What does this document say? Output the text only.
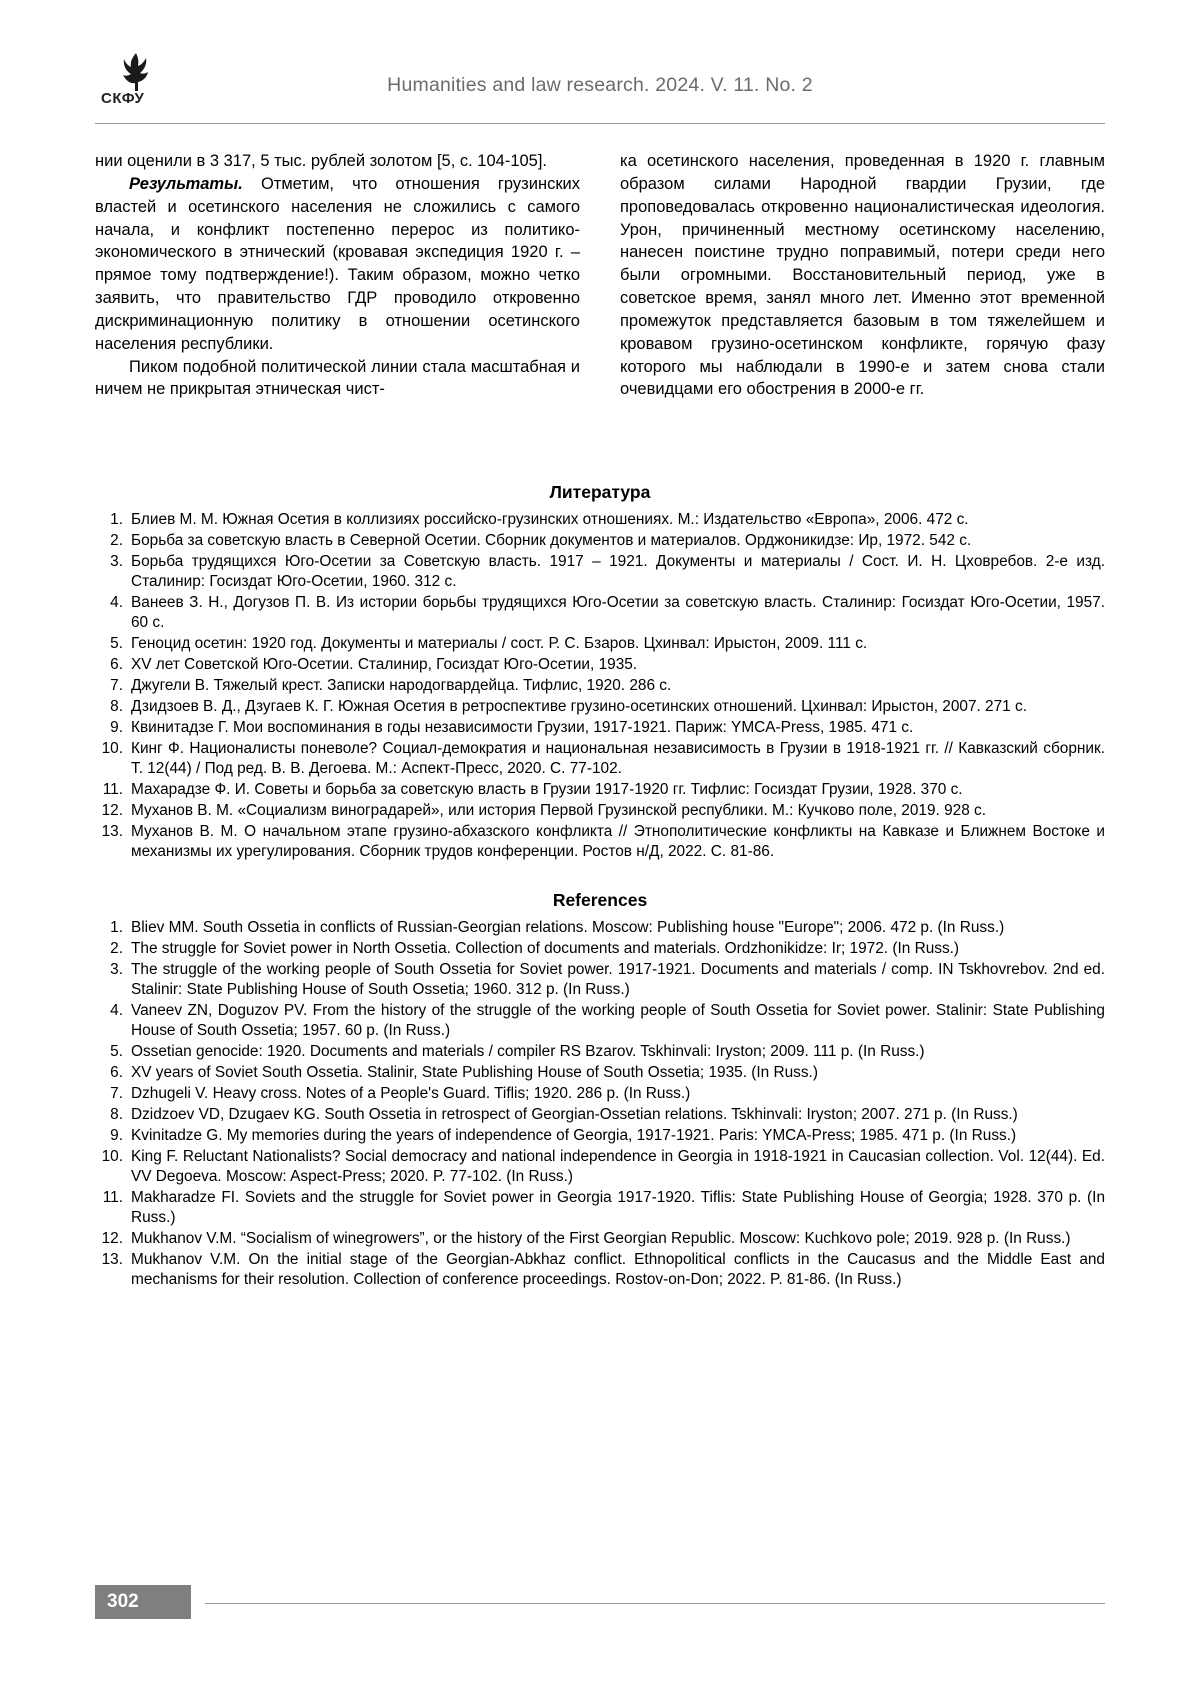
СКФУ
Humanities and law research. 2024. V. 11. No. 2

нии оценили в 3 317, 5 тыс. рублей золотом [5, с. 104-105].

Результаты. Отметим, что отношения грузинских властей и осетинского населения не сложились с самого начала, и конфликт постепенно перерос из политико-экономического в этнический (кровавая экспедиция 1920 г. – прямое тому подтверждение!). Таким образом, можно четко заявить, что правительство ГДР проводило откровенно дискриминационную политику в отношении осетинского населения республики.

Пиком подобной политической линии стала масштабная и ничем не прикрытая этническая чист-

ка осетинского населения, проведенная в 1920 г. главным образом силами Народной гвардии Грузии, где проповедовалась откровенно националистическая идеология. Урон, причиненный местному осетинскому населению, нанесен поистине трудно поправимый, потери среди него были огромными. Восстановительный период, уже в советское время, занял много лет. Именно этот временной промежуток представляется базовым в том тяжелейшем и кровавом грузино-осетинском конфликте, горячую фазу которого мы наблюдали в 1990-е и затем снова стали очевидцами его обострения в 2000-е гг.

Литература
1. Блиев М. М. Южная Осетия в коллизиях российско-грузинских отношениях. М.: Издательство «Европа», 2006. 472 с.
2. Борьба за советскую власть в Северной Осетии. Сборник документов и материалов. Орджоникидзе: Ир, 1972. 542 с.
3. Борьба трудящихся Юго-Осетии за Советскую власть. 1917 – 1921. Документы и материалы / Сост. И. Н. Цховребов. 2-е изд. Сталинир: Госиздат Юго-Осетии, 1960. 312 с.
4. Ванеев З. Н., Догузов П. В. Из истории борьбы трудящихся Юго-Осетии за советскую власть. Сталинир: Госиздат Юго-Осетии, 1957. 60 с.
5. Геноцид осетин: 1920 год. Документы и материалы / сост. Р. С. Бзаров. Цхинвал: Ирыстон, 2009. 111 с.
6. XV лет Советской Юго-Осетии. Сталинир, Госиздат Юго-Осетии, 1935.
7. Джугели В. Тяжелый крест. Записки народогвардейца. Тифлис, 1920. 286 с.
8. Дзидзоев В. Д., Дзугаев К. Г. Южная Осетия в ретроспективе грузино-осетинских отношений. Цхинвал: Ирыстон, 2007. 271 с.
9. Квинитадзе Г. Мои воспоминания в годы независимости Грузии, 1917-1921. Париж: YMCA-Press, 1985. 471 с.
10. Кинг Ф. Националисты поневоле? Социал-демократия и национальная независимость в Грузии в 1918-1921 гг. // Кавказский сборник. Т. 12(44) / Под ред. В. В. Дегоева. М.: Аспект-Пресс, 2020. С. 77-102.
11. Махарадзе Ф. И. Советы и борьба за советскую власть в Грузии 1917-1920 гг. Тифлис: Госиздат Грузии, 1928. 370 с.
12. Муханов В. М. «Социализм виноградарей», или история Первой Грузинской республики. М.: Кучково поле, 2019. 928 с.
13. Муханов В. М. О начальном этапе грузино-абхазского конфликта // Этнополитические конфликты на Кавказе и Ближнем Востоке и механизмы их урегулирования. Сборник трудов конференции. Ростов н/Д, 2022. С. 81-86.
References
1. Bliev MM. South Ossetia in conflicts of Russian-Georgian relations. Moscow: Publishing house "Europe"; 2006. 472 p. (In Russ.)
2. The struggle for Soviet power in North Ossetia. Collection of documents and materials. Ordzhonikidze: Ir; 1972. (In Russ.)
3. The struggle of the working people of South Ossetia for Soviet power. 1917-1921. Documents and materials / comp. IN Tskhovrebov. 2nd ed. Stalinir: State Publishing House of South Ossetia; 1960. 312 p. (In Russ.)
4. Vaneev ZN, Doguzov PV. From the history of the struggle of the working people of South Ossetia for Soviet power. Stalinir: State Publishing House of South Ossetia; 1957. 60 p. (In Russ.)
5. Ossetian genocide: 1920. Documents and materials / compiler RS Bzarov. Tskhinvali: Iryston; 2009. 111 p. (In Russ.)
6. XV years of Soviet South Ossetia. Stalinir, State Publishing House of South Ossetia; 1935. (In Russ.)
7. Dzhugeli V. Heavy cross. Notes of a People's Guard. Tiflis; 1920. 286 p. (In Russ.)
8. Dzidzoev VD, Dzugaev KG. South Ossetia in retrospect of Georgian-Ossetian relations. Tskhinvali: Iryston; 2007. 271 p. (In Russ.)
9. Kvinitadze G. My memories during the years of independence of Georgia, 1917-1921. Paris: YMCA-Press; 1985. 471 p. (In Russ.)
10. King F. Reluctant Nationalists? Social democracy and national independence in Georgia in 1918-1921 in Caucasian collection. Vol. 12(44). Ed. VV Degoeva. Moscow: Aspect-Press; 2020. P. 77-102. (In Russ.)
11. Makharadze FI. Soviets and the struggle for Soviet power in Georgia 1917-1920. Tiflis: State Publishing House of Georgia; 1928. 370 p. (In Russ.)
12. Mukhanov V.M. “Socialism of winegrowers”, or the history of the First Georgian Republic. Moscow: Kuchkovo pole; 2019. 928 p. (In Russ.)
13. Mukhanov V.M. On the initial stage of the Georgian-Abkhaz conflict. Ethnopolitical conflicts in the Caucasus and the Middle East and mechanisms for their resolution. Collection of conference proceedings. Rostov-on-Don; 2022. P. 81-86. (In Russ.)
302
